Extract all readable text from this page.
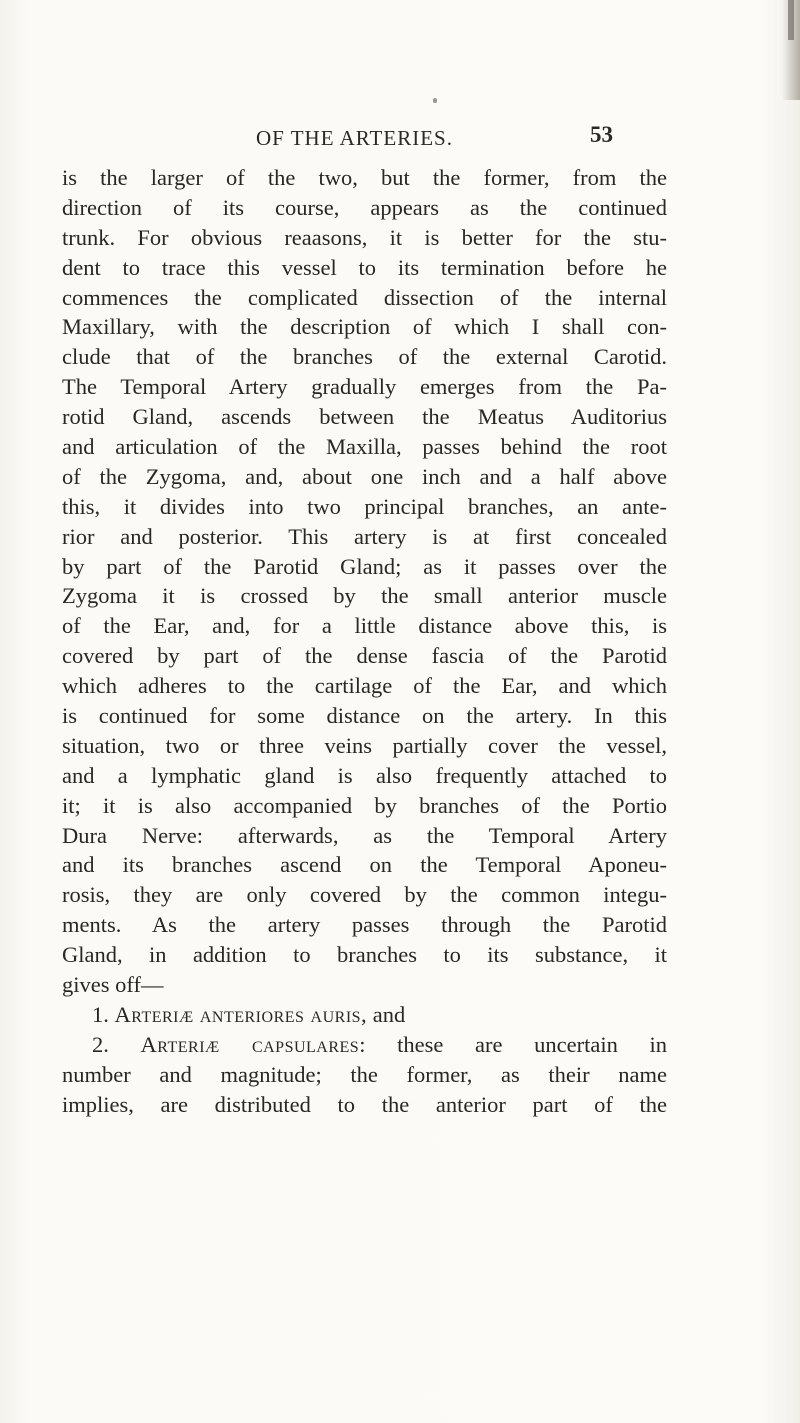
OF THE ARTERIES.	53
is the larger of the two, but the former, from the
direction of its course, appears as the continued
trunk. For obvious reaasons, it is better for the stu-
dent to trace this vessel to its termination before he
commences the complicated dissection of the internal
Maxillary, with the description of which I shall con-
clude that of the branches of the external Carotid.
The Temporal Artery gradually emerges from the Pa-
rotid Gland, ascends between the Meatus Auditorius
and articulation of the Maxilla, passes behind the root
of the Zygoma, and, about one inch and a half above
this, it divides into two principal branches, an ante-
rior and posterior. This artery is at first concealed
by part of the Parotid Gland; as it passes over the
Zygoma it is crossed by the small anterior muscle
of the Ear, and, for a little distance above this, is
covered by part of the dense fascia of the Parotid
which adheres to the cartilage of the Ear, and which
is continued for some distance on the artery. In this
situation, two or three veins partially cover the vessel,
and a lymphatic gland is also frequently attached to
it; it is also accompanied by branches of the Portio
Dura Nerve: afterwards, as the Temporal Artery
and its branches ascend on the Temporal Aponeu-
rosis, they are only covered by the common integu-
ments. As the artery passes through the Parotid
Gland, in addition to branches to its substance, it
gives off—
1. Arteriæ anteriores auris, and
2. Arteriæ capsulares: these are uncertain in
number and magnitude; the former, as their name
implies, are distributed to the anterior part of the
